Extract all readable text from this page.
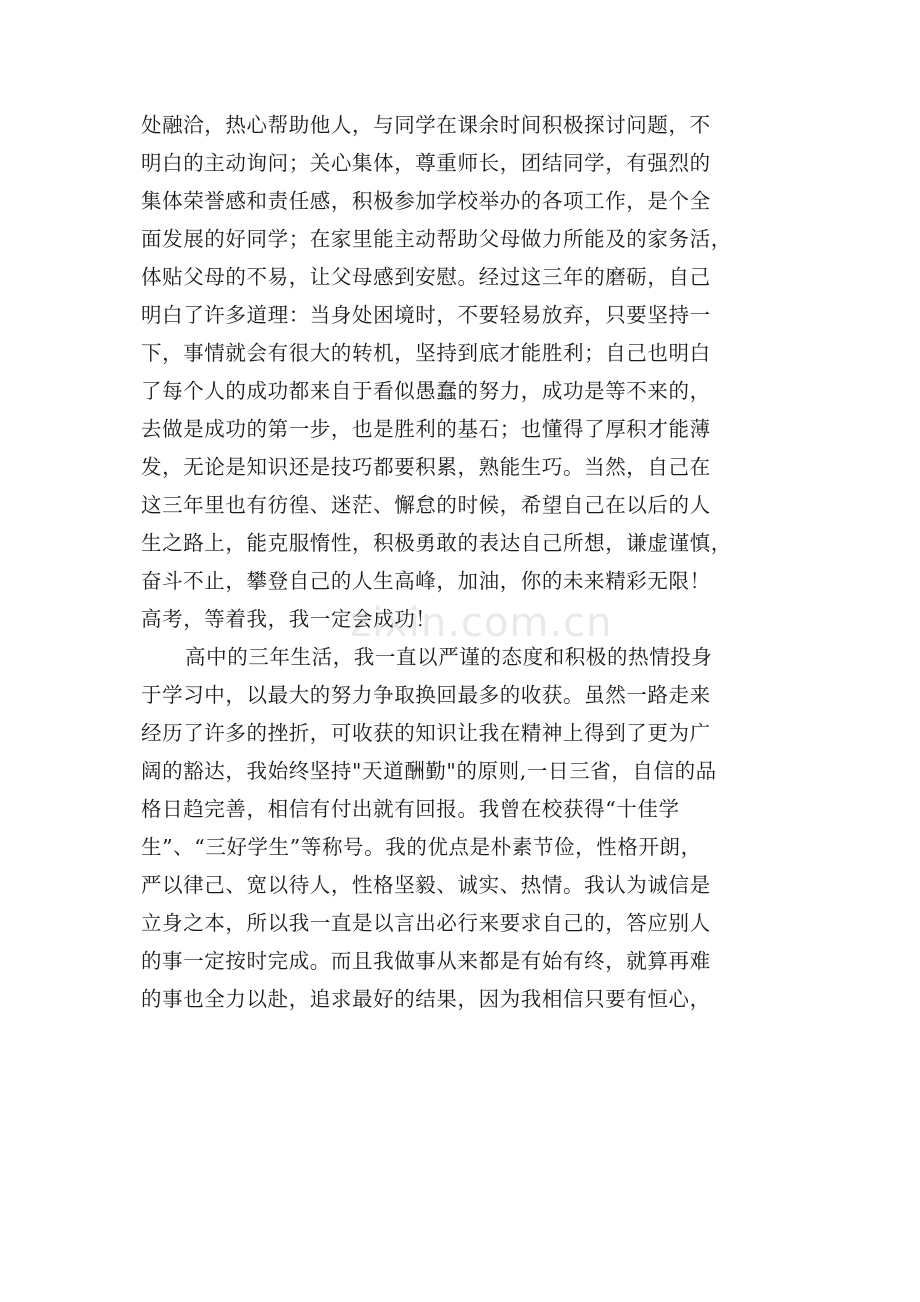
zixin.com.cn
处融洽，热心帮助他人，与同学在课余时间积极探讨问题，不
明白的主动询问；关心集体，尊重师长，团结同学，有强烈的
集体荣誉感和责任感，积极参加学校举办的各项工作，是个全
面发展的好同学；在家里能主动帮助父母做力所能及的家务活，
体贴父母的不易，让父母感到安慰。经过这三年的磨砺，自己
明白了许多道理：当身处困境时，不要轻易放弃，只要坚持一
下，事情就会有很大的转机，坚持到底才能胜利；自己也明白
了每个人的成功都来自于看似愚蠢的努力，成功是等不来的，
去做是成功的第一步，也是胜利的基石；也懂得了厚积才能薄
发，无论是知识还是技巧都要积累，熟能生巧。当然，自己在
这三年里也有彷徨、迷茫、懈怠的时候，希望自己在以后的人
生之路上，能克服惰性，积极勇敢的表达自己所想，谦虚谨慎，
奋斗不止，攀登自己的人生高峰，加油，你的未来精彩无限！
高考，等着我，我一定会成功！
高中的三年生活，我一直以严谨的态度和积极的热情投身
于学习中，以最大的努力争取换回最多的收获。虽然一路走来
经历了许多的挫折，可收获的知识让我在精神上得到了更为广
阔的豁达，我始终坚持"天道酬勤"的原则,一日三省，自信的品
格日趋完善，相信有付出就有回报。我曾在校获得“十佳学
生”、“三好学生”等称号。我的优点是朴素节俭，性格开朗，
严以律己、宽以待人，性格坚毅、诚实、热情。我认为诚信是
立身之本，所以我一直是以言出必行来要求自己的，答应别人
的事一定按时完成。而且我做事从来都是有始有终，就算再难
的事也全力以赴，追求最好的结果，因为我相信只要有恒心，
